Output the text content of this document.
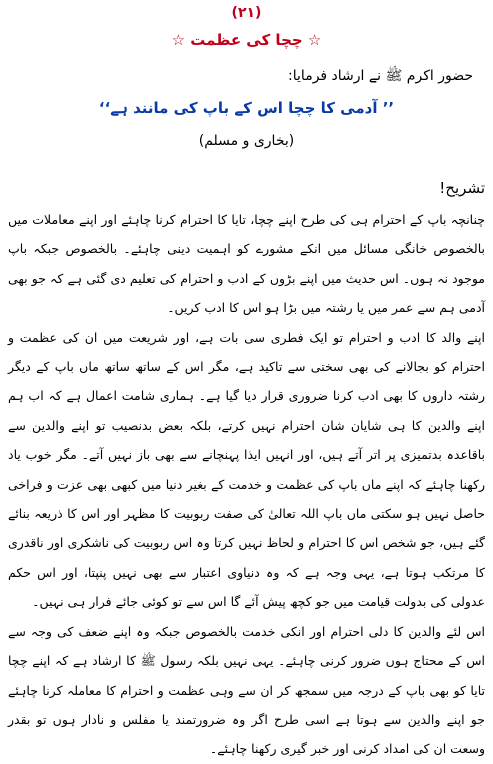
(۲۱)
☆ چچا کی عظمت ☆
حضور اکرم ﷺ نے ارشاد فرمایا:
’’ آدمی کا چچا اس کے باپ کی مانند ہے‘‘
(بخاری و مسلم)
تشریح!

چنانچہ باپ کے احترام ہی کی طرح اپنے چچا، تایا کا احترام کرنا چاہئے اور اپنے معاملات میں بالخصوص خانگی مسائل میں انکے مشورے کو اہمیت دینی چاہئے۔ بالخصوص جبکہ باپ موجود نہ ہوں۔ اس حدیث میں اپنے بڑوں کے ادب و احترام کی تعلیم دی گئی ہے کہ جو بھی آدمی ہم سے عمر میں یا رشتہ میں بڑا ہو اس کا ادب کریں۔

اپنے والد کا ادب و احترام تو ایک فطری سی بات ہے، اور شریعت میں ان کی عظمت و احترام کو بجالانے کی بھی سختی سے تاکید ہے، مگر اس کے ساتھ ساتھ ماں باپ کے دیگر رشتہ داروں کا بھی ادب کرنا ضروری قرار دیا گیا ہے۔ ہماری شامت اعمال ہے کہ اب ہم اپنے والدین کا ہی شایان شان احترام نہیں کرتے، بلکہ بعض بدنصیب تو اپنے والدین سے باقاعدہ بدتمیزی پر اتر آتے ہیں، اور انہیں ایذا پہنچانے سے بھی باز نہیں آتے۔ مگر خوب یاد رکھنا چاہئے کہ اپنے ماں باپ کی عظمت و خدمت کے بغیر دنیا میں کبھی بھی عزت و فراخی حاصل نہیں ہو سکتی ماں باپ اللہ تعالیٰ کی صفت ربوبیت کا مظہر اور اس کا ذریعہ بنائے گئے ہیں، جو شخص اس کا احترام و لحاظ نہیں کرتا وہ اس ربوبیت کی ناشکری اور ناقدری کا مرتکب ہوتا ہے، یہی وجہ ہے کہ وہ دنیاوی اعتبار سے بھی نہیں پنپتا، اور اس حکم عدولی کی بدولت قیامت میں جو کچھ پیش آئے گا اس سے تو کوئی جائے فرار ہی نہیں۔

اس لئے والدین کا دلی احترام اور انکی خدمت بالخصوص جبکہ وہ اپنے ضعف کی وجہ سے اس کے محتاج ہوں ضرور کرنی چاہئے۔ یہی نہیں بلکہ رسول ﷺ کا ارشاد ہے کہ اپنے چچا تایا کو بھی باپ کے درجہ میں سمجھ کر ان سے وہی عظمت و احترام کا معاملہ کرنا چاہئے جو اپنے والدین سے ہوتا ہے اسی طرح اگر وہ ضرورتمند یا مفلس و نادار ہوں تو بقدر وسعت ان کی امداد کرنی اور خبر گیری رکھنا چاہئے۔
